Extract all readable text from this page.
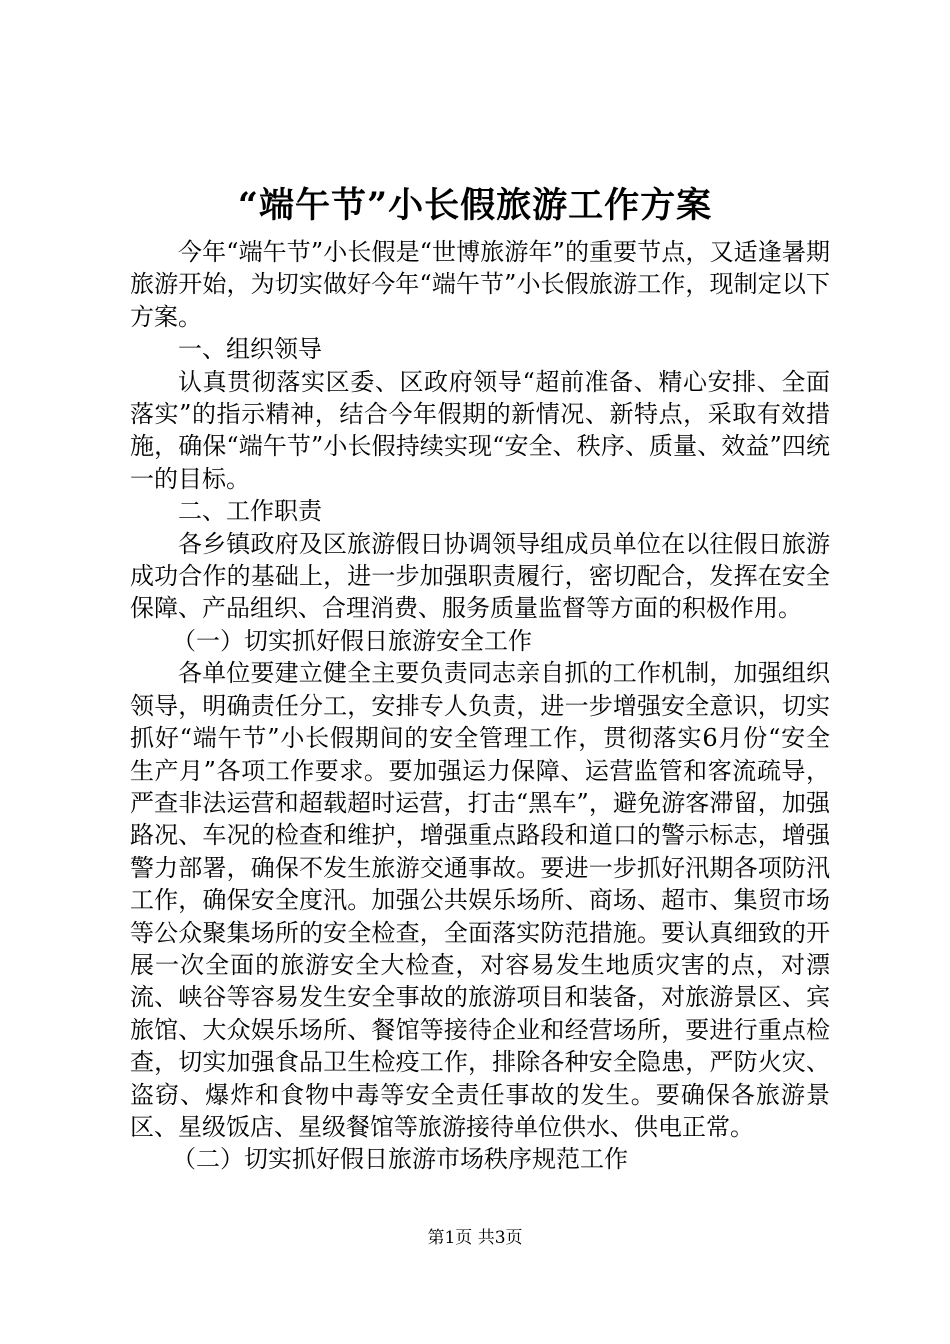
“端午节”小长假旅游工作方案

今年“端午节”小长假是“世博旅游年”的重要节点，又适逢暑期旅游开始，为切实做好今年“端午节”小长假旅游工作，现制定以下方案。

一、组织领导

认真贯彻落实区委、区政府领导“超前准备、精心安排、全面落实”的指示精神，结合今年假期的新情况、新特点，采取有效措施，确保“端午节”小长假持续实现“安全、秩序、质量、效益”四统一的目标。

二、工作职责

各乡镇政府及区旅游假日协调领导组成员单位在以往假日旅游成功合作的基础上，进一步加强职责履行，密切配合，发挥在安全保障、产品组织、合理消费、服务质量监督等方面的积极作用。

（一）切实抓好假日旅游安全工作

各单位要建立健全主要负责同志亲自抓的工作机制，加强组织领导，明确责任分工，安排专人负责，进一步增强安全意识，切实抓好“端午节”小长假期间的安全管理工作，贯彻落实6月份“安全生产月”各项工作要求。要加强运力保障、运营监管和客流疏导，严查非法运营和超载超时运营，打击“黑车”，避免游客滞留，加强路况、车况的检查和维护，增强重点路段和道口的警示标志，增强警力部署，确保不发生旅游交通事故。要进一步抓好汛期各项防汛工作，确保安全度汛。加强公共娱乐场所、商场、超市、集贸市场等公众聚集场所的安全检查，全面落实防范措施。要认真细致的开展一次全面的旅游安全大检查，对容易发生地质灾害的点，对漂流、峡谷等容易发生安全事故的旅游项目和装备，对旅游景区、宾旅馆、大众娱乐场所、餐馆等接待企业和经营场所，要进行重点检查，切实加强食品卫生检疫工作，排除各种安全隐患，严防火灾、盗窃、爆炸和食物中毒等安全责任事故的发生。要确保各旅游景区、星级饭店、星级餐馆等旅游接待单位供水、供电正常。

（二）切实抓好假日旅游市场秩序规范工作

第1页 共3页
